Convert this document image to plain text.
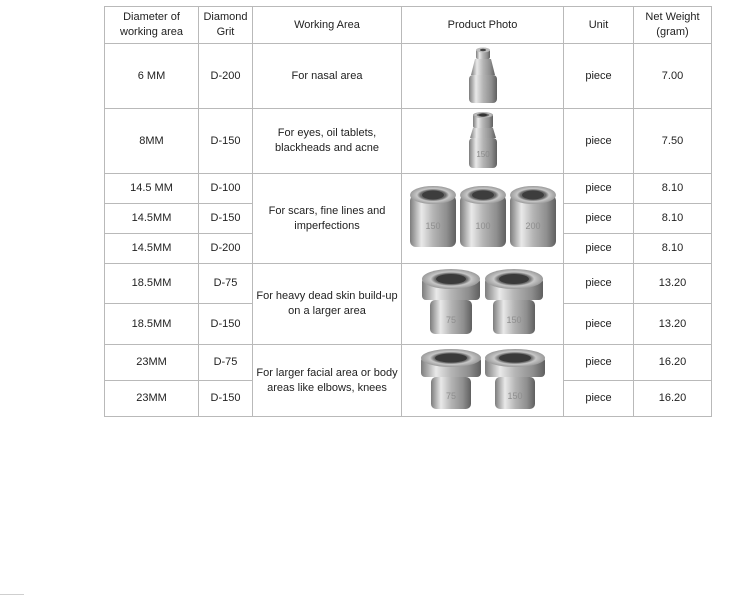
Diameter of working area	Diamond Grit	Working Area	Product Photo	Unit	Net Weight (gram)
6 MM	D-200	For nasal area		piece	7.00
8MM	D-150	For eyes, oil tablets, blackheads and acne	150	piece	7.50
14.5 MM	D-100	For scars, fine lines and imperfections	150 100 200	piece	8.10
14.5MM	D-150			piece	8.10
14.5MM	D-200			piece	8.10
18.5MM	D-75	For heavy dead skin build-up on a larger area	75 150	piece	13.20
18.5MM	D-150			piece	13.20
23MM	D-75	For larger facial area or body areas like elbows, knees	75 150	piece	16.20
23MM	D-150			piece	16.20
